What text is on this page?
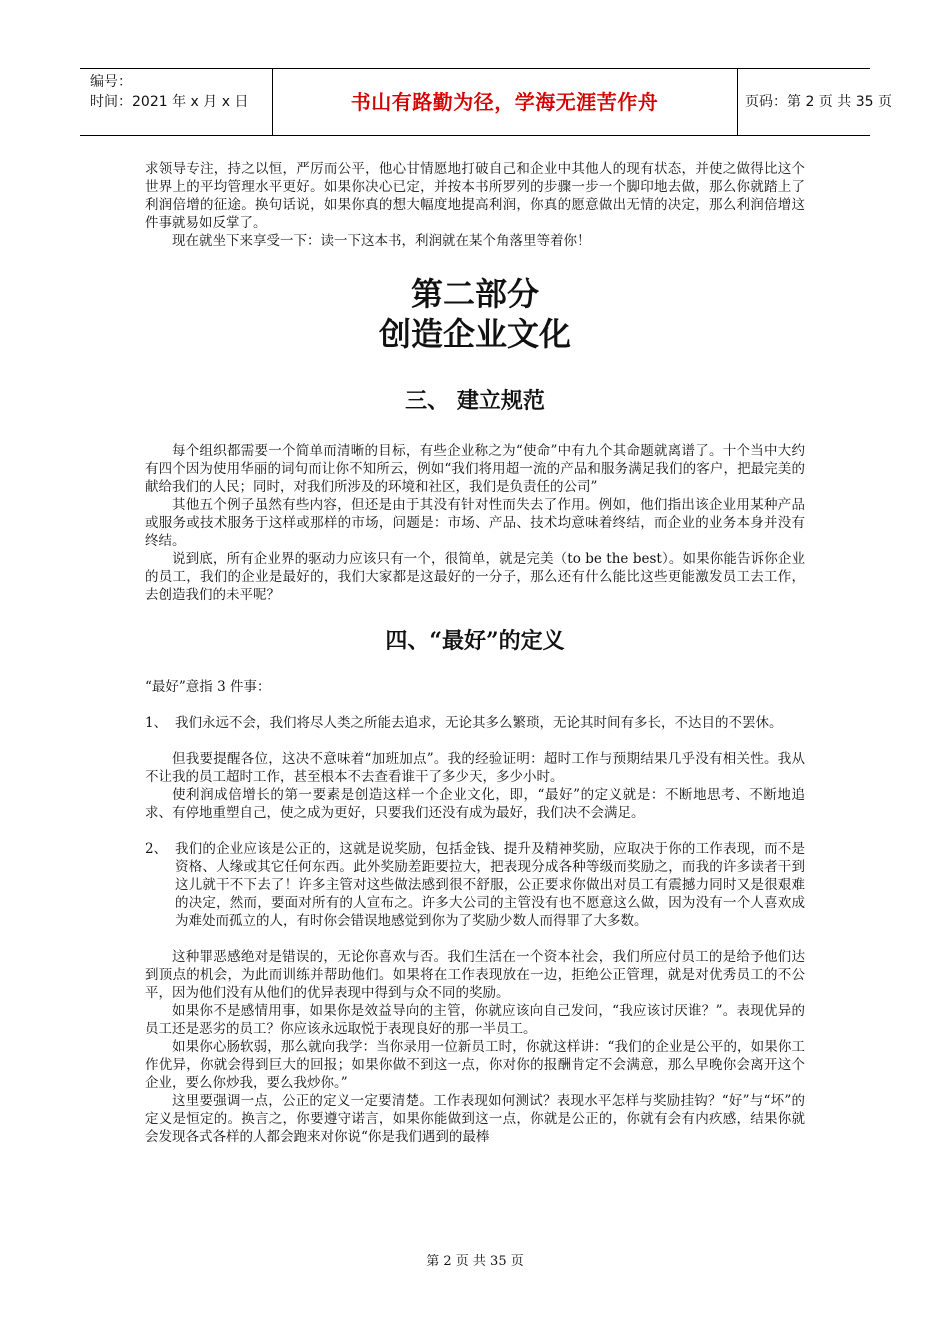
编号：
时间：2021 年 x 月 x 日	书山有路勤为径，学海无涯苦作舟	页码：第 2 页 共 35 页

求领导专注，持之以恒，严厉而公平，他心甘情愿地打破自己和企业中其他人的现有状态，并使之做得比这个世界上的平均管理水平更好。如果你决心已定，并按本书所罗列的步骤一步一个脚印地去做，那么你就踏上了利润倍增的征途。换句话说，如果你真的想大幅度地提高利润，你真的愿意做出无情的决定，那么利润倍增这件事就易如反掌了。

现在就坐下来享受一下：读一下这本书，利润就在某个角落里等着你！

第二部分
创造企业文化
三、 建立规范

每个组织都需要一个简单而清晰的目标，有些企业称之为“使命”中有九个其命题就离谱了。十个当中大约有四个因为使用华丽的词句而让你不知所云，例如“我们将用超一流的产品和服务满足我们的客户，把最完美的献给我们的人民；同时，对我们所涉及的环境和社区，我们是负责任的公司”

其他五个例子虽然有些内容，但还是由于其没有针对性而失去了作用。例如，他们指出该企业用某种产品或服务或技术服务于这样或那样的市场，问题是：市场、产品、技术均意味着终结，而企业的业务本身并没有终结。

说到底，所有企业界的驱动力应该只有一个，很简单，就是完美（to be the best）。如果你能告诉你企业的员工，我们的企业是最好的，我们大家都是这最好的一分子，那么还有什么能比这些更能激发员工去工作，去创造我们的未平呢？

四、“最好”的定义

“最好”意指 3 件事：

1、 我们永远不会，我们将尽人类之所能去追求，无论其多么繁琐，无论其时间有多长，不达目的不罢休。

但我要提醒各位，这决不意味着“加班加点”。我的经验证明：超时工作与预期结果几乎没有相关性。我从不让我的员工超时工作，甚至根本不去查看谁干了多少天，多少小时。

使利润成倍增长的第一要素是创造这样一个企业文化，即，“最好”的定义就是：不断地思考、不断地追求、有停地重塑自己，使之成为更好，只要我们还没有成为最好，我们决不会满足。

2、 我们的企业应该是公正的，这就是说奖励，包括金钱、提升及精神奖励，应取决于你的工作表现，而不是资格、人缘或其它任何东西。此外奖励差距要拉大，把表现分成各种等级而奖励之，而我的许多读者干到这儿就干不下去了！许多主管对这些做法感到很不舒服，公正要求你做出对员工有震撼力同时又是很艰难的决定，然而，要面对所有的人宣布之。许多大公司的主管没有也不愿意这么做，因为没有一个人喜欢成为难处而孤立的人，有时你会错误地感觉到你为了奖励少数人而得罪了大多数。

这种罪恶感绝对是错误的，无论你喜欢与否。我们生活在一个资本社会，我们所应付员工的是给予他们达到顶点的机会，为此而训练并帮助他们。如果将在工作表现放在一边，拒绝公正管理，就是对优秀员工的不公平，因为他们没有从他们的优异表现中得到与众不同的奖励。

如果你不是感情用事，如果你是效益导向的主管，你就应该向自己发问，“我应该讨厌谁？”。表现优异的员工还是恶劣的员工？你应该永远取悦于表现良好的那一半员工。

如果你心肠软弱，那么就向我学：当你录用一位新员工时，你就这样讲：“我们的企业是公平的，如果你工作优异，你就会得到巨大的回报；如果你做不到这一点，你对你的报酬肯定不会满意，那么早晚你会离开这个企业，要么你炒我，要么我炒你。”

这里要强调一点，公正的定义一定要清楚。工作表现如何测试？表现水平怎样与奖励挂钩？“好”与“坏”的定义是恒定的。换言之，你要遵守诺言，如果你能做到这一点，你就是公正的，你就有会有内疚感，结果你就会发现各式各样的人都会跑来对你说“你是我们遇到的最棒

第 2 页 共 35 页
